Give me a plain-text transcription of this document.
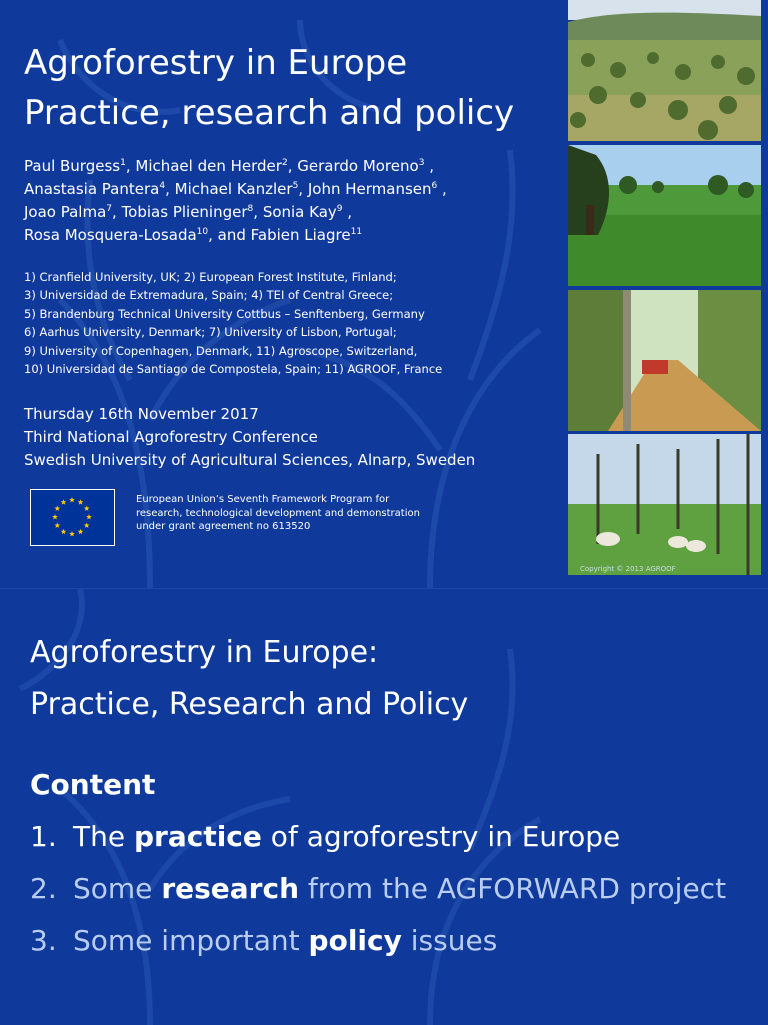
Agroforestry in Europe
Practice, research and policy
Paul Burgess$^1$, Michael den Herder$^2$, Gerardo Moreno$^3$ ,
Anastasia Pantera$^4$, Michael Kanzler$^5$, John Hermansen$^6$ ,
Joao Palma$^7$, Tobias Plieninger$^8$, Sonia Kay$^9$ ,
Rosa Mosquera-Losada$^{10}$, and Fabien Liagre$^{11}$
1) Cranfield University, UK; 2) European Forest Institute, Finland;
3) Universidad de Extremadura, Spain; 4) TEI of Central Greece;
5) Brandenburg Technical University Cottbus – Senftenberg, Germany
6) Aarhus University, Denmark; 7) University of Lisbon, Portugal;
9) University of Copenhagen, Denmark, 11) Agroscope, Switzerland,
10) Universidad de Santiago de Compostela, Spain; 11) AGROOF, France
Thursday 16th November 2017
Third National Agroforestry Conference
Swedish University of Agricultural Sciences, Alnarp, Sweden
European Union’s Seventh Framework Program for research, technological development and demonstration under grant agreement no 613520
Copyright © 2013 AGROOF
Agroforestry in Europe:
Practice, Research and Policy
Content
1. The practice of agroforestry in Europe
2. Some research from the AGFORWARD project
3. Some important policy issues
